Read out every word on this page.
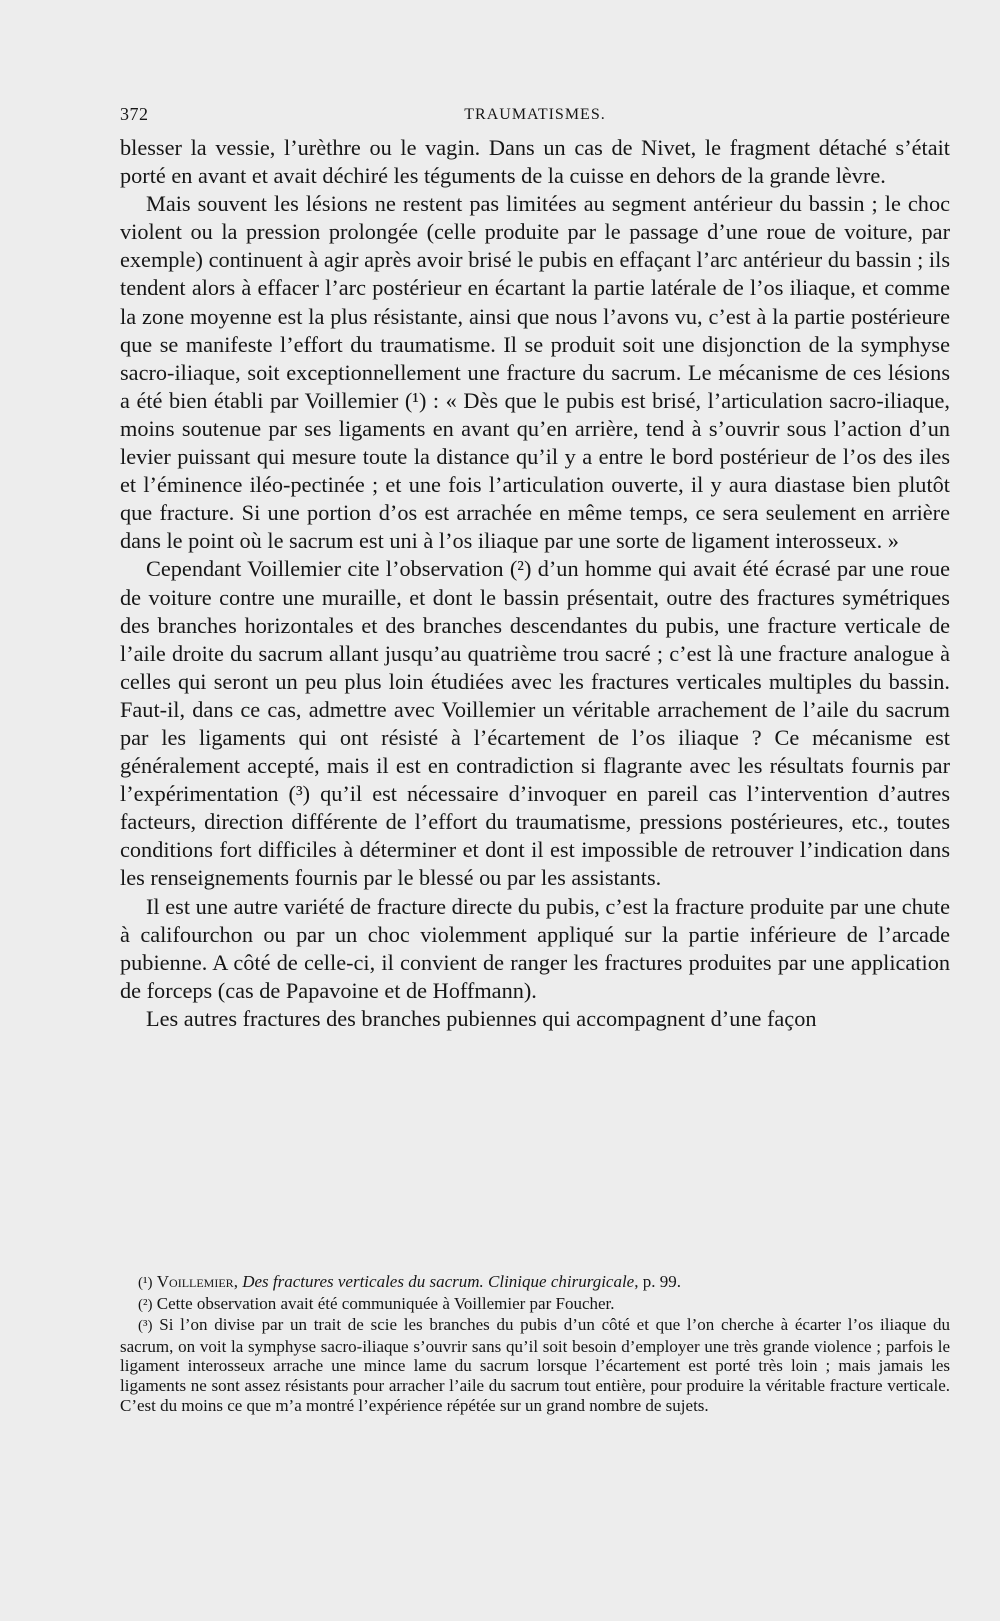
372	TRAUMATISMES.

blesser la vessie, l’urèthre ou le vagin. Dans un cas de Nivet, le fragment détaché s’était porté en avant et avait déchiré les téguments de la cuisse en dehors de la grande lèvre.

Mais souvent les lésions ne restent pas limitées au segment antérieur du bassin ; le choc violent ou la pression prolongée (celle produite par le passage d’une roue de voiture, par exemple) continuent à agir après avoir brisé le pubis en effaçant l’arc antérieur du bassin ; ils tendent alors à effacer l’arc postérieur en écartant la partie latérale de l’os iliaque, et comme la zone moyenne est la plus résistante, ainsi que nous l’avons vu, c’est à la partie postérieure que se manifeste l’effort du traumatisme. Il se produit soit une disjonction de la symphyse sacro-iliaque, soit exceptionnellement une fracture du sacrum. Le mécanisme de ces lésions a été bien établi par Voillemier (¹) : « Dès que le pubis est brisé, l’articulation sacro-iliaque, moins soutenue par ses ligaments en avant qu’en arrière, tend à s’ouvrir sous l’action d’un levier puissant qui mesure toute la distance qu’il y a entre le bord postérieur de l’os des iles et l’éminence iléo-pectinée ; et une fois l’articulation ouverte, il y aura diastase bien plutôt que fracture. Si une portion d’os est arrachée en même temps, ce sera seulement en arrière dans le point où le sacrum est uni à l’os iliaque par une sorte de ligament interosseux. »

Cependant Voillemier cite l’observation (²) d’un homme qui avait été écrasé par une roue de voiture contre une muraille, et dont le bassin présentait, outre des fractures symétriques des branches horizontales et des branches descendantes du pubis, une fracture verticale de l’aile droite du sacrum allant jusqu’au quatrième trou sacré ; c’est là une fracture analogue à celles qui seront un peu plus loin étudiées avec les fractures verticales multiples du bassin. Faut-il, dans ce cas, admettre avec Voillemier un véritable arrachement de l’aile du sacrum par les ligaments qui ont résisté à l’écartement de l’os iliaque ? Ce mécanisme est généralement accepté, mais il est en contradiction si flagrante avec les résultats fournis par l’expérimentation (³) qu’il est nécessaire d’invoquer en pareil cas l’intervention d’autres facteurs, direction différente de l’effort du traumatisme, pressions postérieures, etc., toutes conditions fort difficiles à déterminer et dont il est impossible de retrouver l’indication dans les renseignements fournis par le blessé ou par les assistants.

Il est une autre variété de fracture directe du pubis, c’est la fracture produite par une chute à califourchon ou par un choc violemment appliqué sur la partie inférieure de l’arcade pubienne. A côté de celle-ci, il convient de ranger les fractures produites par une application de forceps (cas de Papavoine et de Hoffmann).

Les autres fractures des branches pubiennes qui accompagnent d’une façon

(¹) Voillemier, Des fractures verticales du sacrum. Clinique chirurgicale, p. 99.

(²) Cette observation avait été communiquée à Voillemier par Foucher.

(³) Si l’on divise par un trait de scie les branches du pubis d’un côté et que l’on cherche à écarter l’os iliaque du sacrum, on voit la symphyse sacro-iliaque s’ouvrir sans qu’il soit besoin d’employer une très grande violence ; parfois le ligament interosseux arrache une mince lame du sacrum lorsque l’écartement est porté très loin ; mais jamais les ligaments ne sont assez résistants pour arracher l’aile du sacrum tout entière, pour produire la véritable fracture verticale. C’est du moins ce que m’a montré l’expérience répétée sur un grand nombre de sujets.
